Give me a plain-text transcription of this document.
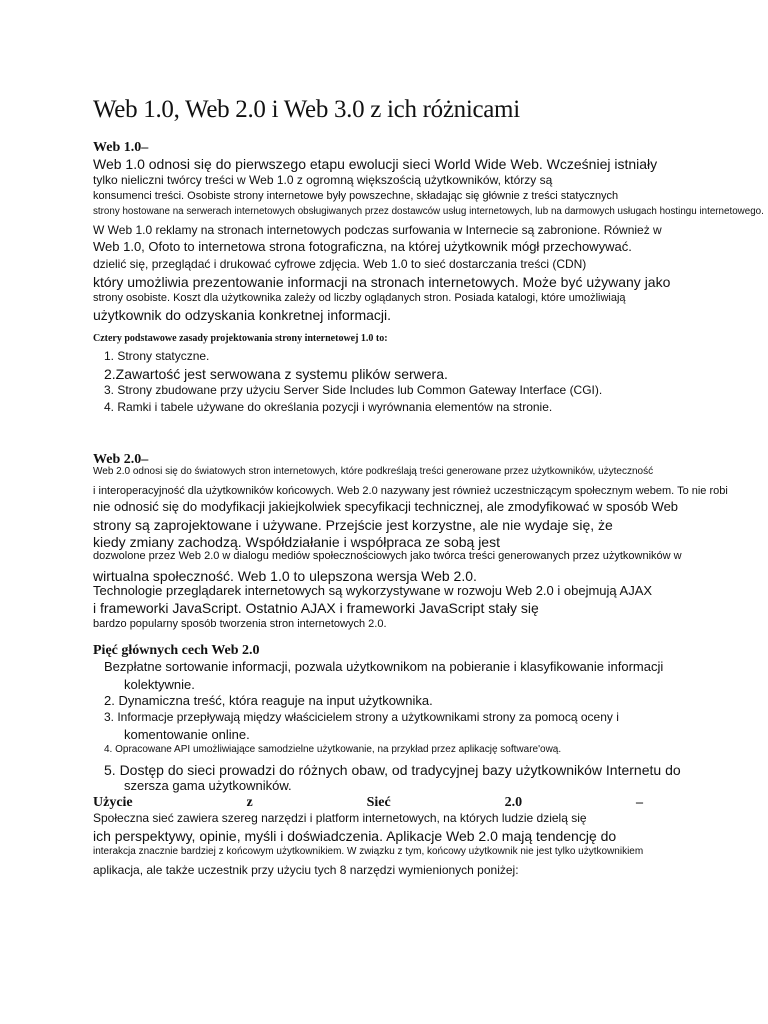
Web 1.0, Web 2.0 i Web 3.0 z ich różnicami
Web 1.0–
Web 1.0 odnosi się do pierwszego etapu ewolucji sieci World Wide Web. Wcześniej istniały
tylko nieliczni twórcy treści w Web 1.0 z ogromną większością użytkowników, którzy są
konsumenci treści. Osobiste strony internetowe były powszechne, składając się głównie z treści statycznych
strony hostowane na serwerach internetowych obsługiwanych przez dostawców usług internetowych, lub na darmowych usługach hostingu internetowego.
W Web 1.0 reklamy na stronach internetowych podczas surfowania w Internecie są zabronione. Również w
Web 1.0, Ofoto to internetowa strona fotograficzna, na której użytkownik mógł przechowywać.
dzielić się, przeglądać i drukować cyfrowe zdjęcia. Web 1.0 to sieć dostarczania treści (CDN)
który umożliwia prezentowanie informacji na stronach internetowych. Może być używany jako
strony osobiste. Koszt dla użytkownika zależy od liczby oglądanych stron. Posiada katalogi, które umożliwiają
użytkownik do odzyskania konkretnej informacji.
Cztery podstawowe zasady projektowania strony internetowej 1.0 to:
1. Strony statyczne.
2.Zawartość jest serwowana z systemu plików serwera.
3. Strony zbudowane przy użyciu Server Side Includes lub Common Gateway Interface (CGI).
4. Ramki i tabele używane do określania pozycji i wyrównania elementów na stronie.
Web 2.0–
Web 2.0 odnosi się do światowych stron internetowych, które podkreślają treści generowane przez użytkowników, użyteczność
i interoperacyjność dla użytkowników końcowych. Web 2.0 nazywany jest również uczestniczącym społecznym webem. To nie robi
nie odnosić się do modyfikacji jakiejkolwiek specyfikacji technicznej, ale zmodyfikować w sposób Web
strony są zaprojektowane i używane. Przejście jest korzystne, ale nie wydaje się, że
kiedy zmiany zachodzą. Współdziałanie i współpraca ze sobą jest
dozwolone przez Web 2.0 w dialogu mediów społecznościowych jako twórca treści generowanych przez użytkowników w
wirtualna społeczność. Web 1.0 to ulepszona wersja Web 2.0.
Technologie przeglądarek internetowych są wykorzystywane w rozwoju Web 2.0 i obejmują AJAX
i frameworki JavaScript. Ostatnio AJAX i frameworki JavaScript stały się
bardzo popularny sposób tworzenia stron internetowych 2.0.
Pięć głównych cech Web 2.0
Bezpłatne sortowanie informacji, pozwala użytkownikom na pobieranie i klasyfikowanie informacji
kolektywnie.
2. Dynamiczna treść, która reaguje na input użytkownika.
3. Informacje przepływają między właścicielem strony a użytkownikami strony za pomocą oceny i
komentowanie online.
4. Opracowane API umożliwiające samodzielne użytkowanie, na przykład przez aplikację software'ową.
5. Dostęp do sieci prowadzi do różnych obaw, od tradycyjnej bazy użytkowników Internetu do
szersza gama użytkowników.
Użycie	z	Sieć	2.0	–
Społeczna sieć zawiera szereg narzędzi i platform internetowych, na których ludzie dzielą się
ich perspektywy, opinie, myśli i doświadczenia. Aplikacje Web 2.0 mają tendencję do
interakcja znacznie bardziej z końcowym użytkownikiem. W związku z tym, końcowy użytkownik nie jest tylko użytkownikiem
aplikacja, ale także uczestnik przy użyciu tych 8 narzędzi wymienionych poniżej:
